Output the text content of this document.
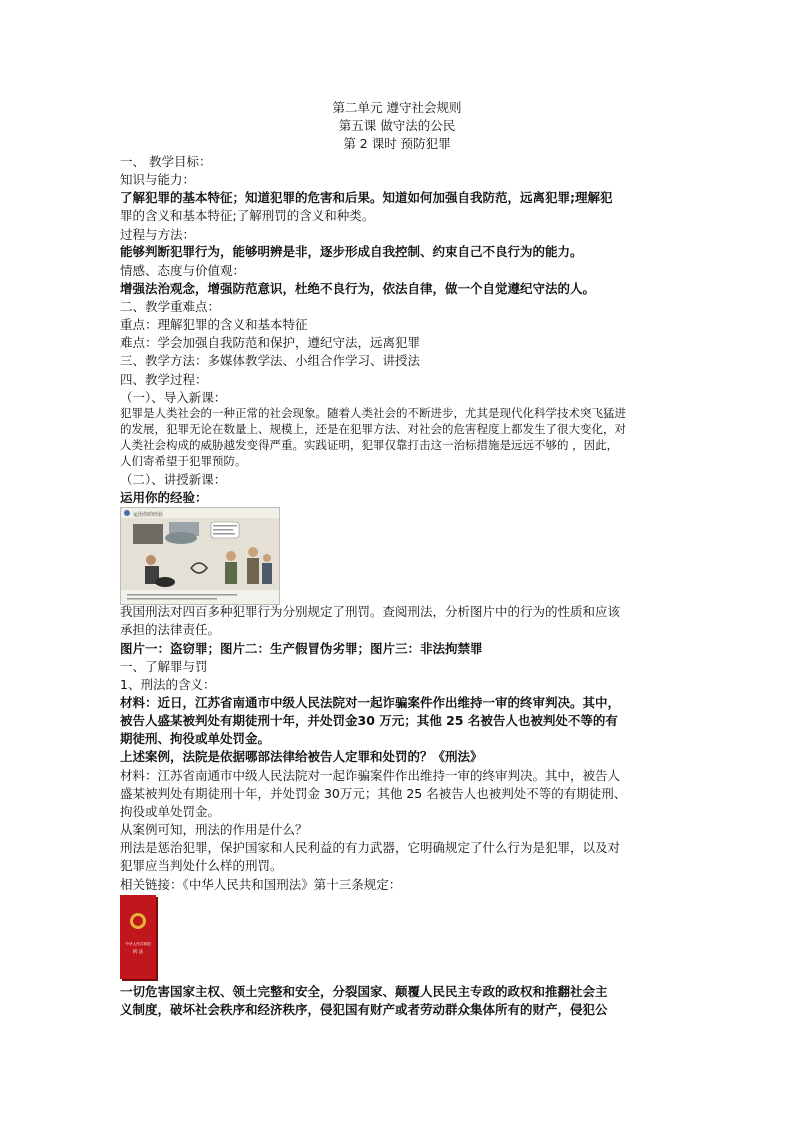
第二单元 遵守社会规则
第五课 做守法的公民
第 2 课时 预防犯罪
一、 教学目标：
知识与能力：
了解犯罪的基本特征；知道犯罪的危害和后果。知道如何加强自我防范，远离犯罪;理解犯
罪的含义和基本特征;了解刑罚的含义和种类。
过程与方法：
能够判断犯罪行为，能够明辨是非，逐步形成自我控制、约束自己不良行为的能力。
情感、态度与价值观：
增强法治观念，增强防范意识，杜绝不良行为，依法自律，做一个自觉遵纪守法的人。
二、教学重难点：
重点：理解犯罪的含义和基本特征
难点：学会加强自我防范和保护，遵纪守法，远离犯罪
三、教学方法：多媒体教学法、小组合作学习、讲授法
四、教学过程：
（一）、导入新课：
犯罪是人类社会的一种正常的社会现象。随着人类社会的不断进步，尤其是现代化科学技术突飞猛进
的发展，犯罪无论在数量上、规模上，还是在犯罪方法、对社会的危害程度上都发生了很大变化，对
人类社会构成的威胁越发变得严重。实践证明，犯罪仅靠打击这一治标措施是远远不够的 ，因此，
人们寄希望于犯罪预防。
（二）、讲授新课：
运用你的经验：
运用你的经验
我国刑法对四百多种犯罪行为分别规定了刑罚。查阅刑法，分析图片中的行为的性质和应该
承担的法律责任。
图片一：盗窃罪；图片二：生产假冒伪劣罪；图片三：非法拘禁罪
一、了解罪与罚
1、刑法的含义：
材料：近日，江苏省南通市中级人民法院对一起诈骗案件作出维持一审的终审判决。其中，
被告人盛某被判处有期徒刑十年，并处罚金30 万元；其他 25 名被告人也被判处不等的有
期徒刑、拘役或单处罚金。
上述案例，法院是依据哪部法律给被告人定罪和处罚的？《刑法》
材料：江苏省南通市中级人民法院对一起诈骗案件作出维持一审的终审判决。其中，被告人
盛某被判处有期徒刑十年，并处罚金 30万元；其他 25 名被告人也被判处不等的有期徒刑、
拘役或单处罚金。
从案例可知，刑法的作用是什么？
刑法是惩治犯罪，保护国家和人民利益的有力武器，它明确规定了什么行为是犯罪，以及对
犯罪应当判处什么样的刑罚。
相关链接：《中华人民共和国刑法》第十三条规定：
中华人民共和国
刑 法
一切危害国家主权、领土完整和安全，分裂国家、颠覆人民民主专政的政权和推翻社会主
义制度，破坏社会秩序和经济秩序，侵犯国有财产或者劳动群众集体所有的财产，侵犯公
